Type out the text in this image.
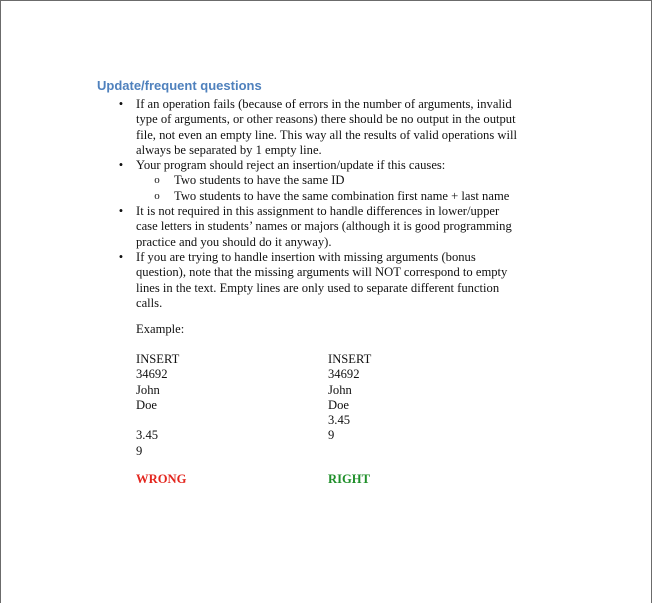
Update/frequent questions
• If an operation fails (because of errors in the number of arguments, invalid
type of arguments, or other reasons) there should be no output in the output
file, not even an empty line. This way all the results of valid operations will
always be separated by 1 empty line.
• Your program should reject an insertion/update if this causes:
o Two students to have the same ID
o Two students to have the same combination first name + last name
• It is not required in this assignment to handle differences in lower/upper
case letters in students’ names or majors (although it is good programming
practice and you should do it anyway).
• If you are trying to handle insertion with missing arguments (bonus
question), note that the missing arguments will NOT correspond to empty
lines in the text. Empty lines are only used to separate different function
calls.
Example:
INSERT
34692
John
Doe
3.45
9
INSERT
34692
John
Doe
3.45
9
WRONG	RIGHT
